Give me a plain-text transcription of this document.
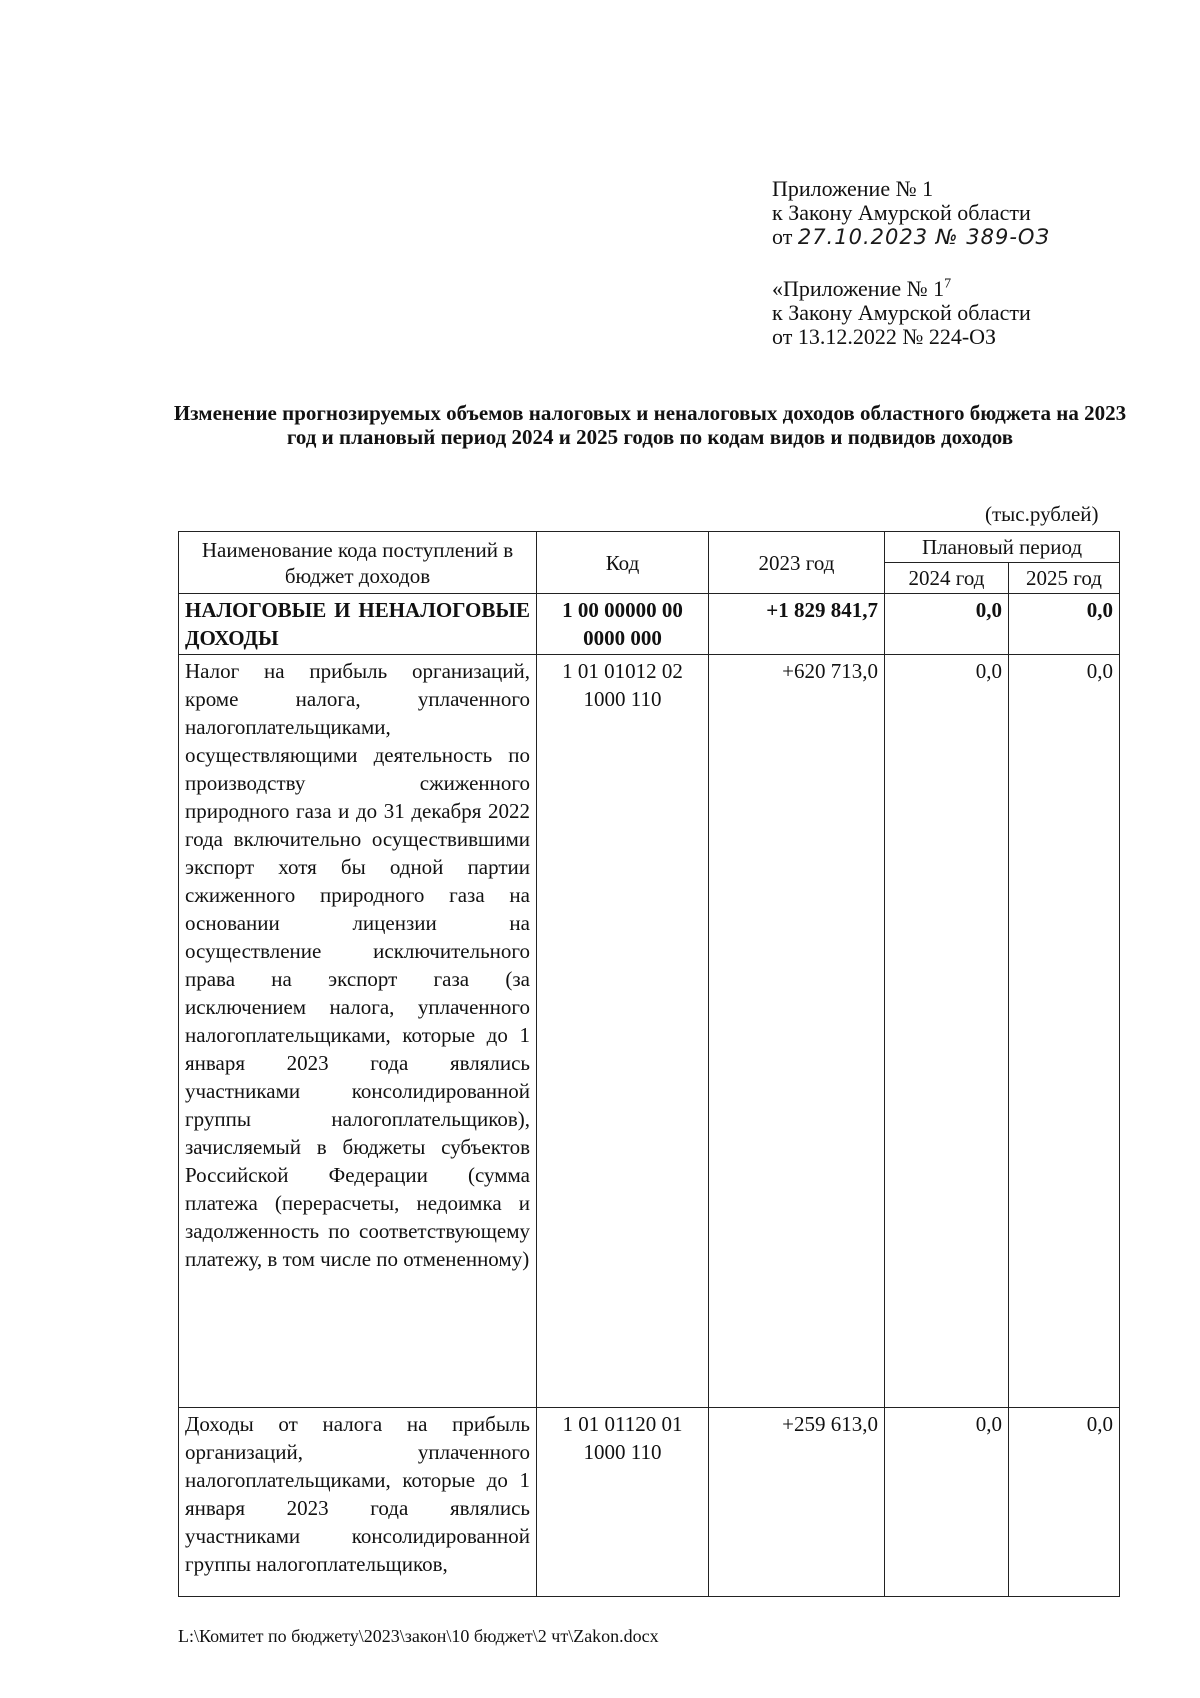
Приложение № 1
к Закону Амурской области
от 27.10.2023 № 389-ОЗ
«Приложение № $1^7$
к Закону Амурской области
от 13.12.2022 № 224-ОЗ
Изменение прогнозируемых объемов налоговых и неналоговых доходов областного бюджета на 2023 год и плановый период 2024 и 2025 годов по кодам видов и подвидов доходов
(тыс.рублей)
Наименование кода поступлений в бюджет доходов	Код	2023 год	Плановый период	
			2024 год	2025 год
НАЛОГОВЫЕ И НЕНАЛОГОВЫЕ ДОХОДЫ	1 00 00000 00 0000 000	+1 829 841,7	0,0	0,0
Налог на прибыль организаций, кроме налога, уплаченного налогоплательщиками, осуществляющими деятельность по производству сжиженного природного газа и до 31 декабря 2022 года включительно осуществившими экспорт хотя бы одной партии сжиженного природного газа на основании лицензии на осуществление исключительного права на экспорт газа (за исключением налога, уплаченного налогоплательщиками, которые до 1 января 2023 года являлись участниками консолидированной группы налогоплательщиков), зачисляемый в бюджеты субъектов Российской Федерации (сумма платежа (перерасчеты, недоимка и задолженность по соответствующему платежу, в том числе по отмененному)	1 01 01012 02 1000 110	+620 713,0	0,0	0,0
Доходы от налога на прибыль организаций, уплаченного налогоплательщиками, которые до 1 января 2023 года являлись участниками консолидированной группы налогоплательщиков,	1 01 01120 01 1000 110	+259 613,0	0,0	0,0
L:\Комитет по бюджету\2023\закон\10 бюджет\2 чт\Zakon.docx
